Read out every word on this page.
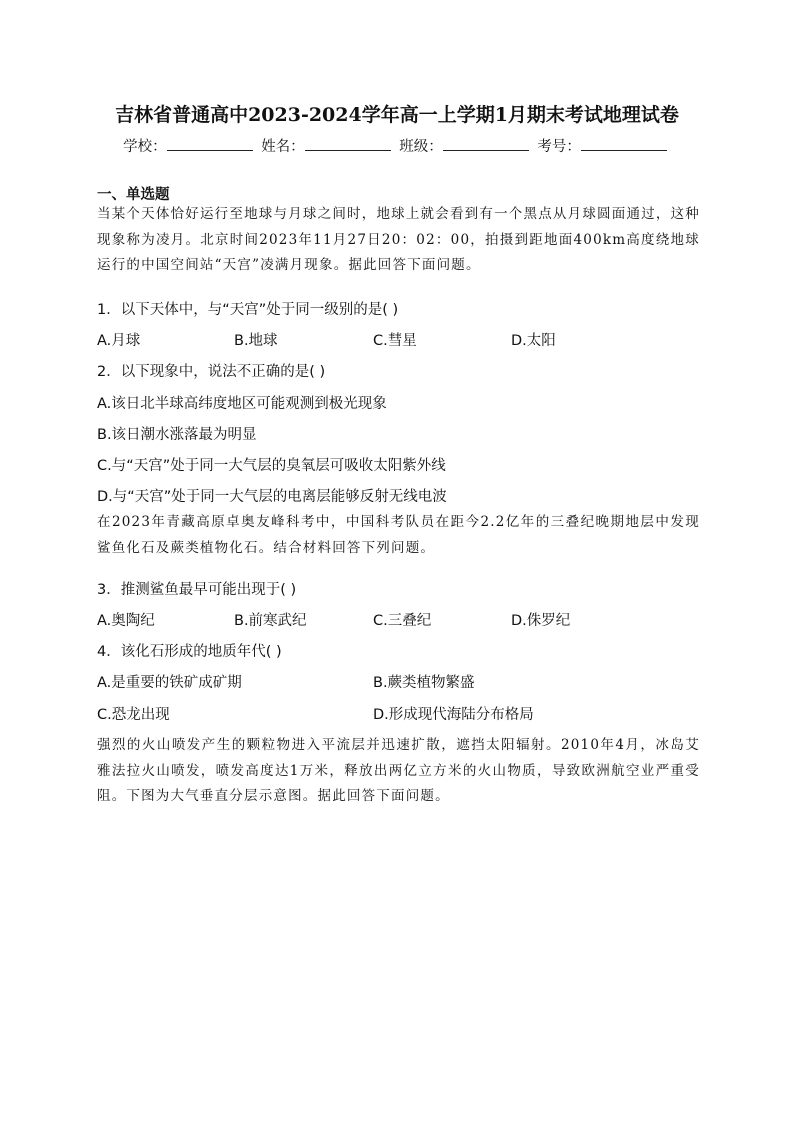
吉林省普通高中2023-2024学年高一上学期1月期末考试地理试卷
学校：	姓名：	班级：	考号：
一、单选题
当某个天体恰好运行至地球与月球之间时，地球上就会看到有一个黑点从月球圆面通过，这种现象称为凌月。北京时间2023年11月27日20：02：00，拍摄到距地面400km高度绕地球运行的中国空间站“天宫”凌满月现象。据此回答下面问题。
1．以下天体中，与“天宫”处于同一级别的是( )
A.月球	B.地球	C.彗星	D.太阳
2．以下现象中，说法不正确的是( )
A.该日北半球高纬度地区可能观测到极光现象
B.该日潮水涨落最为明显
C.与“天宫”处于同一大气层的臭氧层可吸收太阳紫外线
D.与“天宫”处于同一大气层的电离层能够反射无线电波
在2023年青藏高原卓奥友峰科考中，中国科考队员在距今2.2亿年的三叠纪晚期地层中发现鲨鱼化石及蕨类植物化石。结合材料回答下列问题。
3．推测鲨鱼最早可能出现于( )
A.奥陶纪	B.前寒武纪	C.三叠纪	D.侏罗纪
4．该化石形成的地质年代( )
A.是重要的铁矿成矿期	B.蕨类植物繁盛
C.恐龙出现	D.形成现代海陆分布格局
强烈的火山喷发产生的颗粒物进入平流层并迅速扩散，遮挡太阳辐射。2010年4月，冰岛艾雅法拉火山喷发，喷发高度达1万米，释放出两亿立方米的火山物质，导致欧洲航空业严重受阻。下图为大气垂直分层示意图。据此回答下面问题。
